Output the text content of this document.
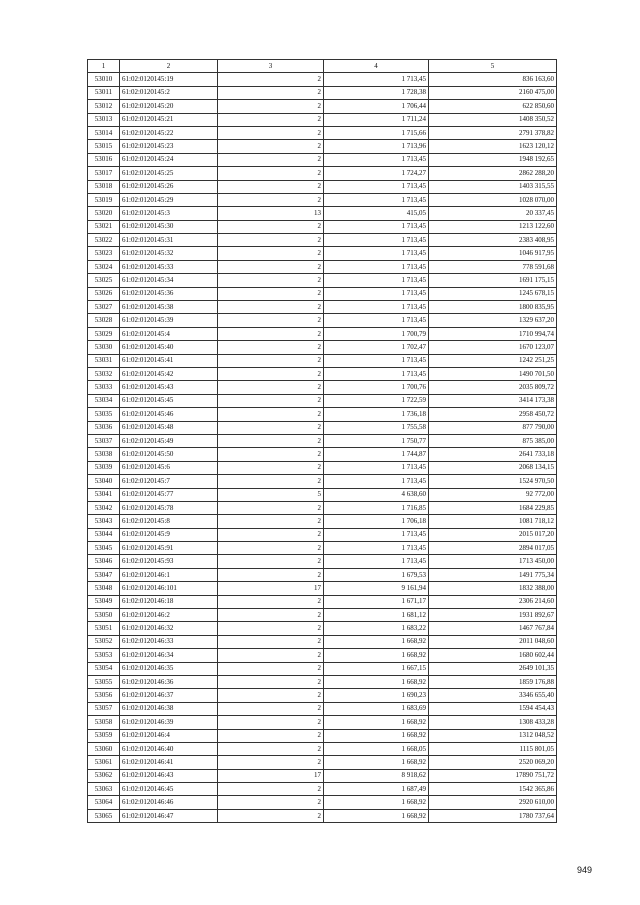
1	2	3	4	5
53010	61:02:0120145:19	2	1 713,45	836 163,60
53011	61:02:0120145:2	2	1 728,38	2160 475,00
53012	61:02:0120145:20	2	1 706,44	622 850,60
53013	61:02:0120145:21	2	1 711,24	1408 350,52
53014	61:02:0120145:22	2	1 715,66	2791 378,82
53015	61:02:0120145:23	2	1 713,96	1623 120,12
53016	61:02:0120145:24	2	1 713,45	1948 192,65
53017	61:02:0120145:25	2	1 724,27	2862 288,20
53018	61:02:0120145:26	2	1 713,45	1403 315,55
53019	61:02:0120145:29	2	1 713,45	1028 070,00
53020	61:02:0120145:3	13	415,05	20 337,45
53021	61:02:0120145:30	2	1 713,45	1213 122,60
53022	61:02:0120145:31	2	1 713,45	2383 408,95
53023	61:02:0120145:32	2	1 713,45	1046 917,95
53024	61:02:0120145:33	2	1 713,45	778 591,68
53025	61:02:0120145:34	2	1 713,45	1691 175,15
53026	61:02:0120145:36	2	1 713,45	1245 678,15
53027	61:02:0120145:38	2	1 713,45	1800 835,95
53028	61:02:0120145:39	2	1 713,45	1329 637,20
53029	61:02:0120145:4	2	1 700,79	1710 994,74
53030	61:02:0120145:40	2	1 702,47	1670 123,07
53031	61:02:0120145:41	2	1 713,45	1242 251,25
53032	61:02:0120145:42	2	1 713,45	1490 701,50
53033	61:02:0120145:43	2	1 700,76	2035 809,72
53034	61:02:0120145:45	2	1 722,59	3414 173,38
53035	61:02:0120145:46	2	1 736,18	2958 450,72
53036	61:02:0120145:48	2	1 755,58	877 790,00
53037	61:02:0120145:49	2	1 750,77	875 385,00
53038	61:02:0120145:50	2	1 744,87	2641 733,18
53039	61:02:0120145:6	2	1 713,45	2068 134,15
53040	61:02:0120145:7	2	1 713,45	1524 970,50
53041	61:02:0120145:77	5	4 638,60	92 772,00
53042	61:02:0120145:78	2	1 716,85	1684 229,85
53043	61:02:0120145:8	2	1 706,18	1081 718,12
53044	61:02:0120145:9	2	1 713,45	2015 017,20
53045	61:02:0120145:91	2	1 713,45	2894 017,05
53046	61:02:0120145:93	2	1 713,45	1713 450,00
53047	61:02:0120146:1	2	1 679,53	1491 775,34
53048	61:02:0120146:101	17	9 161,94	1832 388,00
53049	61:02:0120146:18	2	1 671,17	2306 214,60
53050	61:02:0120146:2	2	1 681,12	1931 892,67
53051	61:02:0120146:32	2	1 683,22	1467 767,84
53052	61:02:0120146:33	2	1 668,92	2011 048,60
53053	61:02:0120146:34	2	1 668,92	1680 602,44
53054	61:02:0120146:35	2	1 667,15	2649 101,35
53055	61:02:0120146:36	2	1 668,92	1859 176,88
53056	61:02:0120146:37	2	1 690,23	3346 655,40
53057	61:02:0120146:38	2	1 683,69	1594 454,43
53058	61:02:0120146:39	2	1 668,92	1308 433,28
53059	61:02:0120146:4	2	1 668,92	1312 048,52
53060	61:02:0120146:40	2	1 668,05	1115 801,05
53061	61:02:0120146:41	2	1 668,92	2520 069,20
53062	61:02:0120146:43	17	8 918,62	17890 751,72
53063	61:02:0120146:45	2	1 687,49	1542 365,86
53064	61:02:0120146:46	2	1 668,92	2920 610,00
53065	61:02:0120146:47	2	1 668,92	1780 737,64
949
